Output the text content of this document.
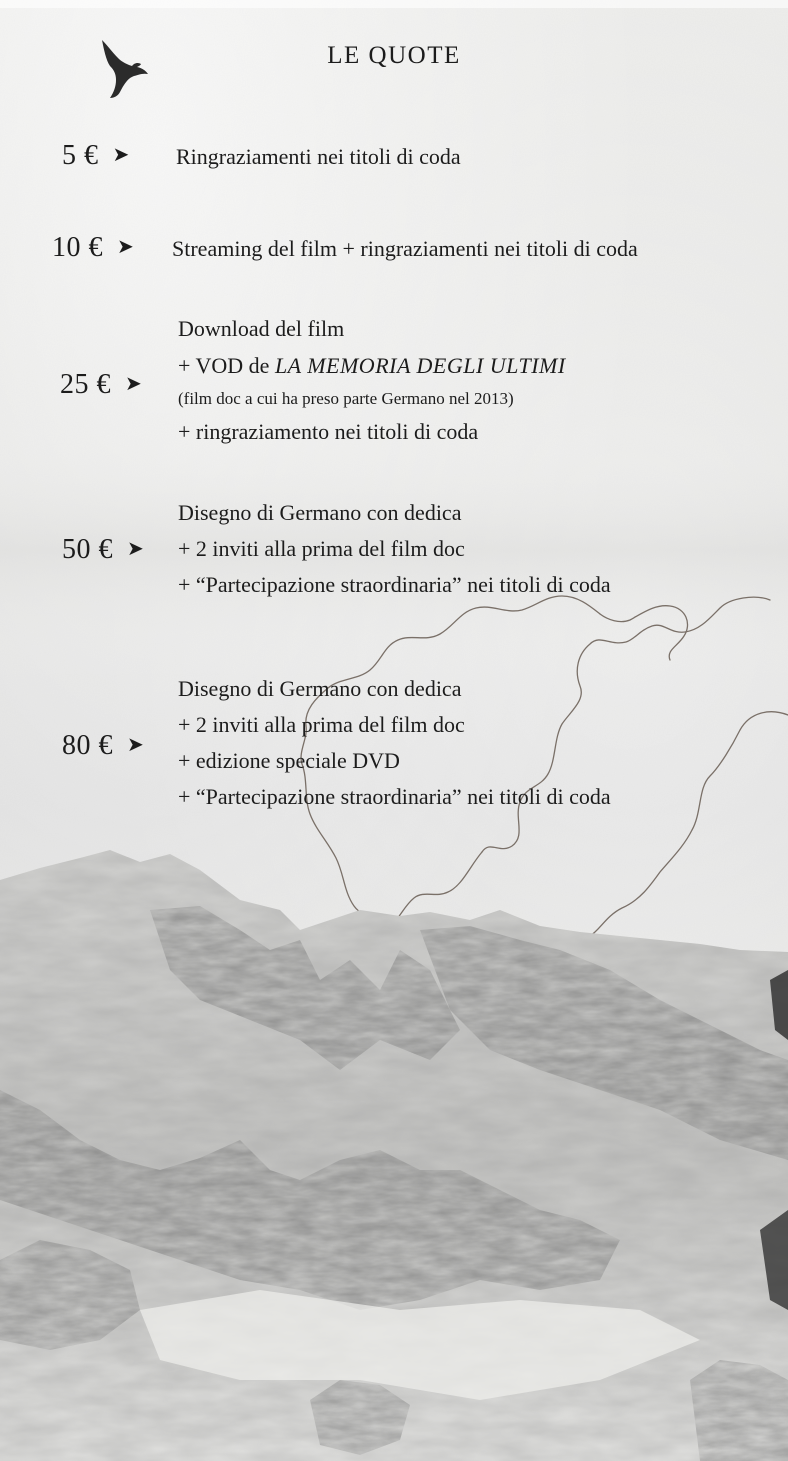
LE QUOTE
5 € ➤ Ringraziamenti nei titoli di coda
10 € ➤ Streaming del film + ringraziamenti nei titoli di coda
25 € ➤
Download del film
+ VOD de LA MEMORIA DEGLI ULTIMI
(film doc a cui ha preso parte Germano nel 2013)
+ ringraziamento nei titoli di coda
50 € ➤
Disegno di Germano con dedica
+ 2 inviti alla prima del film doc
+ “Partecipazione straordinaria” nei titoli di coda
80 € ➤
Disegno di Germano con dedica
+ 2 inviti alla prima del film doc
+ edizione speciale DVD
+ “Partecipazione straordinaria” nei titoli di coda
